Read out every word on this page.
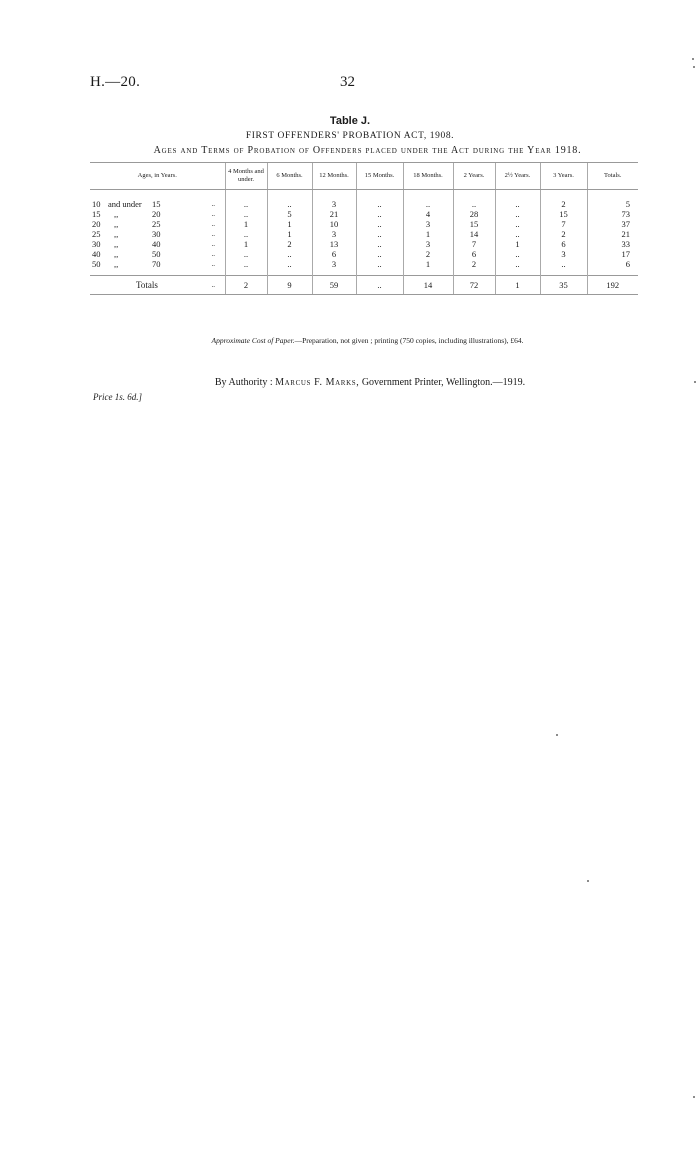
H.—20.	32
Table J.
FIRST OFFENDERS' PROBATION ACT, 1908.
Ages and Terms of Probation of Offenders placed under the Act during the Year 1918.
Ages, in Years.		4 Months and under.	6 Months.	12 Months.	15 Months.	18 Months.	2 Years.	2½ Years.	3 Years.	Totals.

10 and under 15	..	..	..	3	..	..	..	..	2	5
15 ,, 20	..	..	5	21	..	4	28	..	15	73
20 ,, 25	..	1	1	10	..	3	15	..	7	37
25 ,, 30	..	..	1	3	..	1	14	..	2	21
30 ,, 40	..	1	2	13	..	3	7	1	6	33
40 ,, 50	..	..	..	6	..	2	6	..	3	17
50 ,, 70	..	..	..	3	..	1	2	..	..	6

Totals	..	2	9	59	..	14	72	1	35	192
Approximate Cost of Paper.—Preparation, not given ; printing (750 copies, including illustrations), £64.
By Authority : Marcus F. Marks, Government Printer, Wellington.—1919.
Price 1s. 6d.]
